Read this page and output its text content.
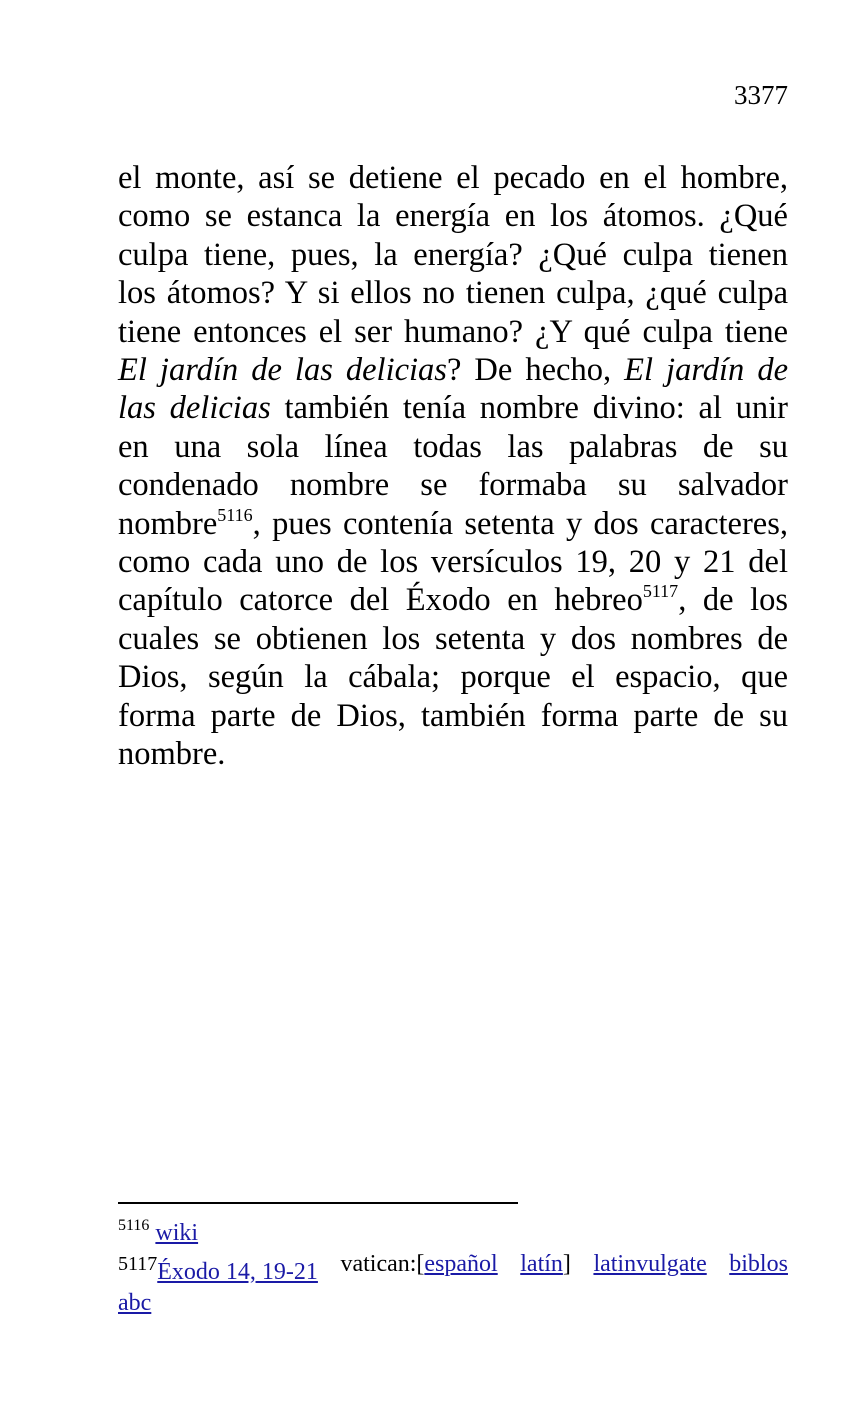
3377
el monte, así se detiene el pecado en el hombre,
como se estanca la energía en los átomos. ¿Qué
culpa tiene, pues, la energía? ¿Qué culpa tienen
los átomos? Y si ellos no tienen culpa, ¿qué culpa
tiene entonces el ser humano? ¿Y qué culpa tiene
El jardín de las delicias? De hecho, El jardín de
las delicias también tenía nombre divino: al unir
en una sola línea todas las palabras de su
condenado nombre se formaba su salvador
nombre$^{5116}$, pues contenía setenta y dos caracteres,
como cada uno de los versículos 19, 20 y 21 del
capítulo catorce del Éxodo en hebreo$^{5117}$, de los
cuales se obtienen los setenta y dos nombres de
Dios, según la cábala; porque el espacio, que
forma parte de Dios, también forma parte de su
nombre.
$^{5116}$ wiki
$^{5117}$Éxodo 14, 19-21 vatican:[español latín] latinvulgate biblos
abc
